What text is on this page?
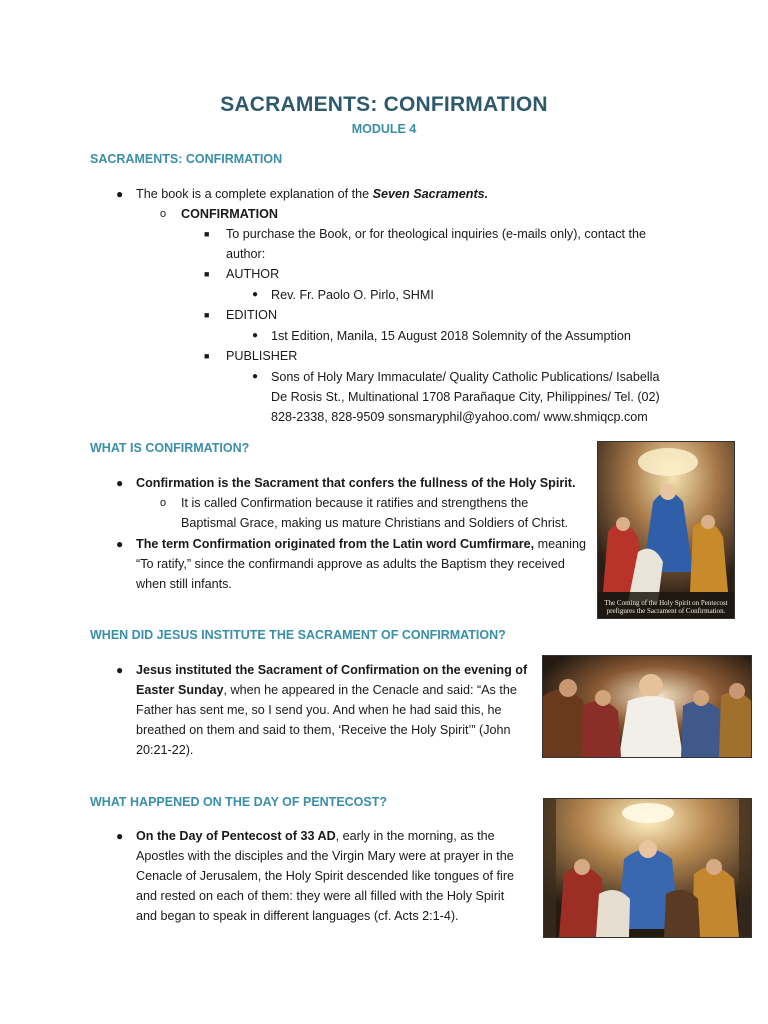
SACRAMENTS: CONFIRMATION
MODULE 4
SACRAMENTS: CONFIRMATION
● The book is a complete explanation of the Seven Sacraments.
o CONFIRMATION
■ To purchase the Book, or for theological inquiries (e-mails only), contact the
author:
■ AUTHOR
● Rev. Fr. Paolo O. Pirlo, SHMI
■ EDITION
● 1st Edition, Manila, 15 August 2018 Solemnity of the Assumption
■ PUBLISHER
● Sons of Holy Mary Immaculate/ Quality Catholic Publications/ Isabella
De Rosis St., Multinational 1708 Parañaque City, Philippines/ Tel. (02)
828-2338, 828-9509 sonsmaryphil@yahoo.com/ www.shmiqcp.com
WHAT IS CONFIRMATION?
● Confirmation is the Sacrament that confers the fullness of the Holy Spirit.
o It is called Confirmation because it ratifies and strengthens the
Baptismal Grace, making us mature Christians and Soldiers of Christ.
● The term Confirmation originated from the Latin word Cumfirmare, meaning
“To ratify,” since the confirmandi approve as adults the Baptism they received
when still infants.
The Coming of the Holy Spirit on Pentecost
prefigures the Sacrament of Confirmation.
WHEN DID JESUS INSTITUTE THE SACRAMENT OF CONFIRMATION?
● Jesus instituted the Sacrament of Confirmation on the evening of
Easter Sunday, when he appeared in the Cenacle and said: “As the
Father has sent me, so I send you. And when he had said this, he
breathed on them and said to them, ‘Receive the Holy Spirit’” (John
20:21-22).
WHAT HAPPENED ON THE DAY OF PENTECOST?
● On the Day of Pentecost of 33 AD, early in the morning, as the
Apostles with the disciples and the Virgin Mary were at prayer in the
Cenacle of Jerusalem, the Holy Spirit descended like tongues of fire
and rested on each of them: they were all filled with the Holy Spirit
and began to speak in different languages (cf. Acts 2:1-4).
